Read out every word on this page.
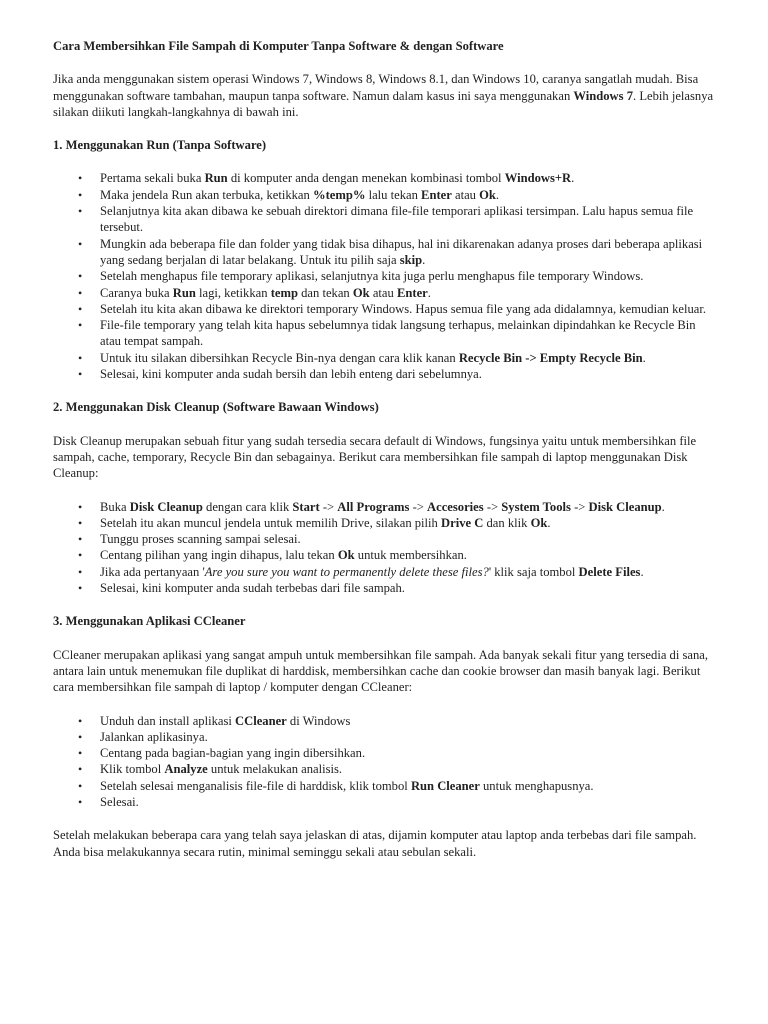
Cara Membersihkan File Sampah di Komputer Tanpa Software & dengan Software

Jika anda menggunakan sistem operasi Windows 7, Windows 8, Windows 8.1, dan Windows 10, caranya sangatlah mudah. Bisa menggunakan software tambahan, maupun tanpa software. Namun dalam kasus ini saya menggunakan Windows 7. Lebih jelasnya silakan diikuti langkah-langkahnya di bawah ini.

1. Menggunakan Run (Tanpa Software)
• Pertama sekali buka Run di komputer anda dengan menekan kombinasi tombol Windows+R.
• Maka jendela Run akan terbuka, ketikkan %temp% lalu tekan Enter atau Ok.
• Selanjutnya kita akan dibawa ke sebuah direktori dimana file-file temporari aplikasi tersimpan. Lalu hapus semua file tersebut.
• Mungkin ada beberapa file dan folder yang tidak bisa dihapus, hal ini dikarenakan adanya proses dari beberapa aplikasi yang sedang berjalan di latar belakang. Untuk itu pilih saja skip.
• Setelah menghapus file temporary aplikasi, selanjutnya kita juga perlu menghapus file temporary Windows.
• Caranya buka Run lagi, ketikkan temp dan tekan Ok atau Enter.
• Setelah itu kita akan dibawa ke direktori temporary Windows. Hapus semua file yang ada didalamnya, kemudian keluar.
• File-file temporary yang telah kita hapus sebelumnya tidak langsung terhapus, melainkan dipindahkan ke Recycle Bin atau tempat sampah.
• Untuk itu silakan dibersihkan Recycle Bin-nya dengan cara klik kanan Recycle Bin -> Empty Recycle Bin.
• Selesai, kini komputer anda sudah bersih dan lebih enteng dari sebelumnya.
2. Menggunakan Disk Cleanup (Software Bawaan Windows)

Disk Cleanup merupakan sebuah fitur yang sudah tersedia secara default di Windows, fungsinya yaitu untuk membersihkan file sampah, cache, temporary, Recycle Bin dan sebagainya. Berikut cara membersihkan file sampah di laptop menggunakan Disk Cleanup:

• Buka Disk Cleanup dengan cara klik Start -> All Programs -> Accesories -> System Tools -> Disk Cleanup.
• Setelah itu akan muncul jendela untuk memilih Drive, silakan pilih Drive C dan klik Ok.
• Tunggu proses scanning sampai selesai.
• Centang pilihan yang ingin dihapus, lalu tekan Ok untuk membersihkan.
• Jika ada pertanyaan 'Are you sure you want to permanently delete these files?' klik saja tombol Delete Files.
• Selesai, kini komputer anda sudah terbebas dari file sampah.
3. Menggunakan Aplikasi CCleaner

CCleaner merupakan aplikasi yang sangat ampuh untuk membersihkan file sampah. Ada banyak sekali fitur yang tersedia di sana, antara lain untuk menemukan file duplikat di harddisk, membersihkan cache dan cookie browser dan masih banyak lagi. Berikut cara membersihkan file sampah di laptop / komputer dengan CCleaner:

• Unduh dan install aplikasi CCleaner di Windows
• Jalankan aplikasinya.
• Centang pada bagian-bagian yang ingin dibersihkan.
• Klik tombol Analyze untuk melakukan analisis.
• Setelah selesai menganalisis file-file di harddisk, klik tombol Run Cleaner untuk menghapusnya.
• Selesai.

Setelah melakukan beberapa cara yang telah saya jelaskan di atas, dijamin komputer atau laptop anda terbebas dari file sampah. Anda bisa melakukannya secara rutin, minimal seminggu sekali atau sebulan sekali.
